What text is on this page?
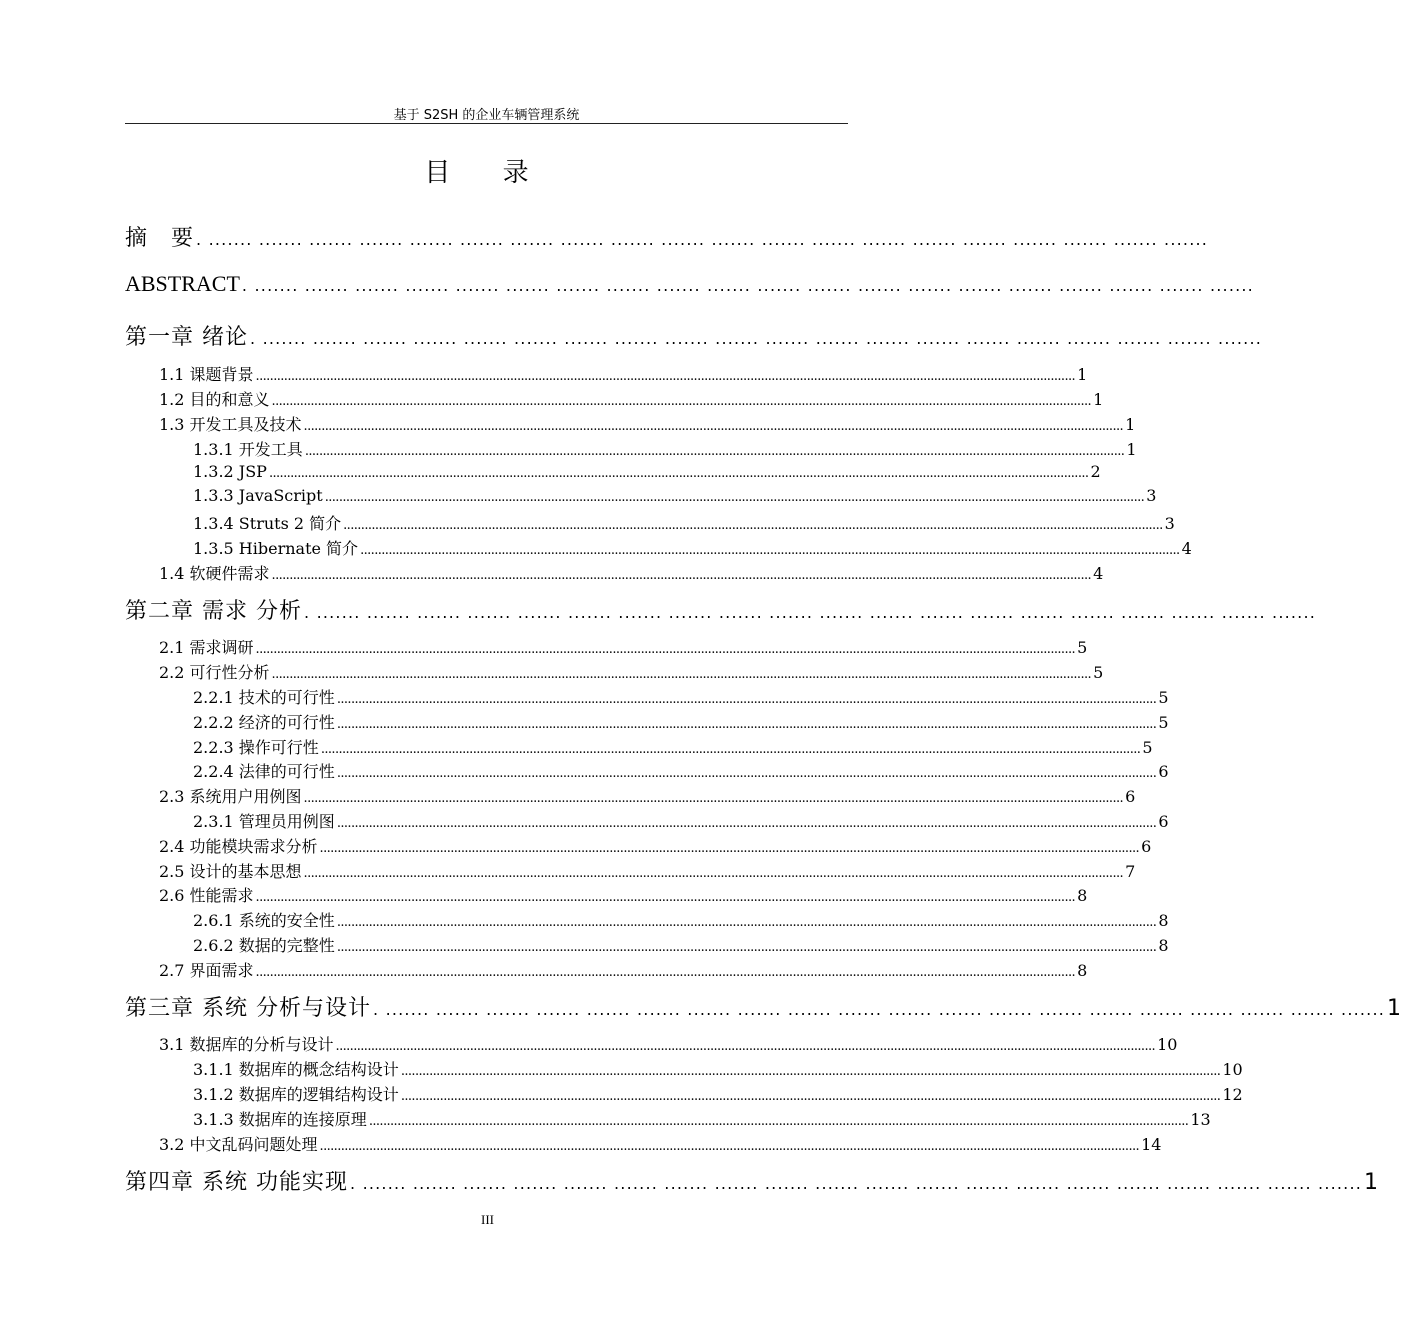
基于 S2SH 的企业车辆管理系统
目 录
摘　要 . ....... ....... ....... ....... ....... ....... ....... ....... ....... ....... ....... ....... ....... ....... ....... ....... ....... ....... ....... .......
ABSTRACT . ....... ....... ....... ....... ....... ....... ....... ....... ....... ....... ....... ....... ....... ....... ....... ....... ....... ....... ....... .......
第一章 绪论 . ....... ....... ....... ....... ....... ....... ....... ....... ....... ....... ....... ....... ....... ....... ....... ....... ....... ....... ....... .......
1.1 课题背景 ........................................................................................................................................................................................................................................ 1
1.2 目的和意义 ........................................................................................................................................................................................................................................ 1
1.3 开发工具及技术 ........................................................................................................................................................................................................................................ 1
1.3.1 开发工具 ........................................................................................................................................................................................................................................ 1
1.3.2 JSP ........................................................................................................................................................................................................................................ 2
1.3.3 JavaScript ........................................................................................................................................................................................................................................ 3
1.3.4 Struts 2 简介 ........................................................................................................................................................................................................................................ 3
1.3.5 Hibernate 简介 ........................................................................................................................................................................................................................................ 4
1.4 软硬件需求 ........................................................................................................................................................................................................................................ 4
第二章 需求 分析 . ....... ....... ....... ....... ....... ....... ....... ....... ....... ....... ....... ....... ....... ....... ....... ....... ....... ....... ....... .......
2.1 需求调研 ........................................................................................................................................................................................................................................ 5
2.2 可行性分析 ........................................................................................................................................................................................................................................ 5
2.2.1 技术的可行性 ........................................................................................................................................................................................................................................ 5
2.2.2 经济的可行性 ........................................................................................................................................................................................................................................ 5
2.2.3 操作可行性 ........................................................................................................................................................................................................................................ 5
2.2.4 法律的可行性 ........................................................................................................................................................................................................................................ 6
2.3 系统用户用例图 ........................................................................................................................................................................................................................................ 6
2.3.1 管理员用例图 ........................................................................................................................................................................................................................................ 6
2.4 功能模块需求分析 ........................................................................................................................................................................................................................................ 6
2.5 设计的基本思想 ........................................................................................................................................................................................................................................ 7
2.6 性能需求 ........................................................................................................................................................................................................................................ 8
2.6.1 系统的安全性 ........................................................................................................................................................................................................................................ 8
2.6.2 数据的完整性 ........................................................................................................................................................................................................................................ 8
2.7 界面需求 ........................................................................................................................................................................................................................................ 8
第三章 系统 分析与设计 . ....... ....... ....... ....... ....... ....... ....... ....... ....... ....... ....... ....... ....... ....... ....... ....... ....... ....... ....... ....... 1
3.1 数据库的分析与设计 ........................................................................................................................................................................................................................................ 10
3.1.1 数据库的概念结构设计 ........................................................................................................................................................................................................................................ 10
3.1.2 数据库的逻辑结构设计 ........................................................................................................................................................................................................................................ 12
3.1.3 数据库的连接原理 ........................................................................................................................................................................................................................................ 13
3.2 中文乱码问题处理 ........................................................................................................................................................................................................................................ 14
第四章 系统 功能实现 . ....... ....... ....... ....... ....... ....... ....... ....... ....... ....... ....... ....... ....... ....... ....... ....... ....... ....... ....... ....... 1
III
